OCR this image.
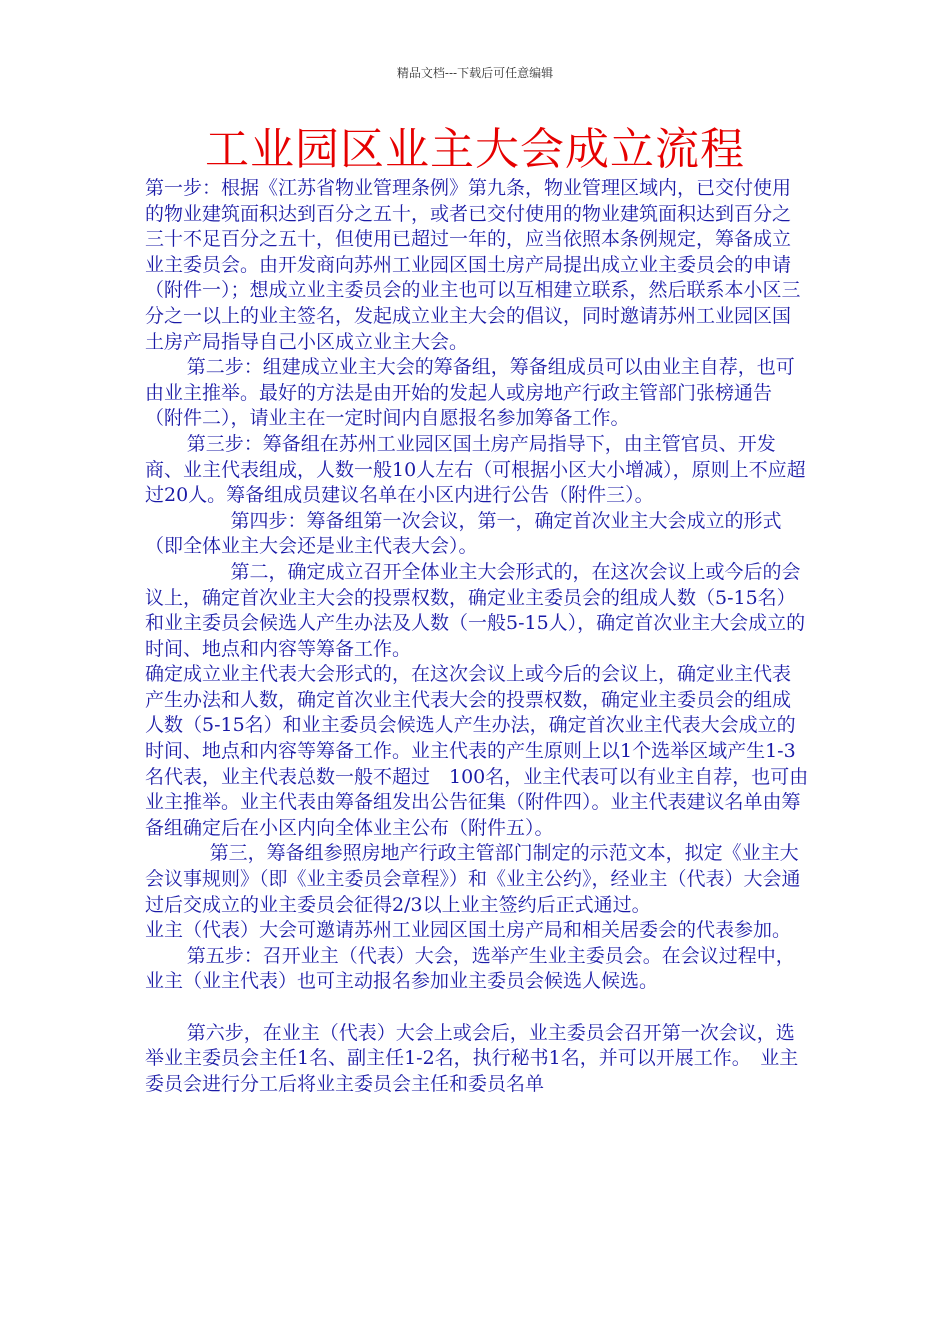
精品文档---下载后可任意编辑
工业园区业主大会成立流程

第一步：根据《江苏省物业管理条例》第九条，物业管理区域内，已交付使用的物业建筑面积达到百分之五十，或者已交付使用的物业建筑面积达到百分之三十不足百分之五十，但使用已超过一年的，应当依照本条例规定，筹备成立业主委员会。由开发商向苏州工业园区国土房产局提出成立业主委员会的申请（附件一）；想成立业主委员会的业主也可以互相建立联系，然后联系本小区三分之一以上的业主签名，发起成立业主大会的倡议，同时邀请苏州工业园区国土房产局指导自己小区成立业主大会。

第二步：组建成立业主大会的筹备组，筹备组成员可以由业主自荐，也可由业主推举。最好的方法是由开始的发起人或房地产行政主管部门张榜通告（附件二），请业主在一定时间内自愿报名参加筹备工作。

第三步：筹备组在苏州工业园区国土房产局指导下，由主管官员、开发商、业主代表组成，人数一般10人左右（可根据小区大小增减），原则上不应超过20人。筹备组成员建议名单在小区内进行公告（附件三）。

第四步：筹备组第一次会议，第一，确定首次业主大会成立的形式（即全体业主大会还是业主代表大会）。

第二，确定成立召开全体业主大会形式的，在这次会议上或今后的会议上，确定首次业主大会的投票权数，确定业主委员会的组成人数（5-15名）和业主委员会候选人产生办法及人数（一般5-15人），确定首次业主大会成立的时间、地点和内容等筹备工作。

确定成立业主代表大会形式的，在这次会议上或今后的会议上，确定业主代表产生办法和人数，确定首次业主代表大会的投票权数，确定业主委员会的组成人数（5-15名）和业主委员会候选人产生办法，确定首次业主代表大会成立的时间、地点和内容等筹备工作。业主代表的产生原则上以1个选举区域产生1-3名代表，业主代表总数一般不超过　100名，业主代表可以有业主自荐，也可由业主推举。业主代表由筹备组发出公告征集（附件四）。业主代表建议名单由筹备组确定后在小区内向全体业主公布（附件五）。

第三，筹备组参照房地产行政主管部门制定的示范文本，拟定《业主大会议事规则》（即《业主委员会章程》）和《业主公约》，经业主（代表）大会通过后交成立的业主委员会征得2/3以上业主签约后正式通过。

业主（代表）大会可邀请苏州工业园区国土房产局和相关居委会的代表参加。

第五步：召开业主（代表）大会，选举产生业主委员会。在会议过程中，业主（业主代表）也可主动报名参加业主委员会候选人候选。

第六步，在业主（代表）大会上或会后，业主委员会召开第一次会议，选举业主委员会主任1名、副主任1-2名，执行秘书1名，并可以开展工作。　业主委员会进行分工后将业主委员会主任和委员名单
